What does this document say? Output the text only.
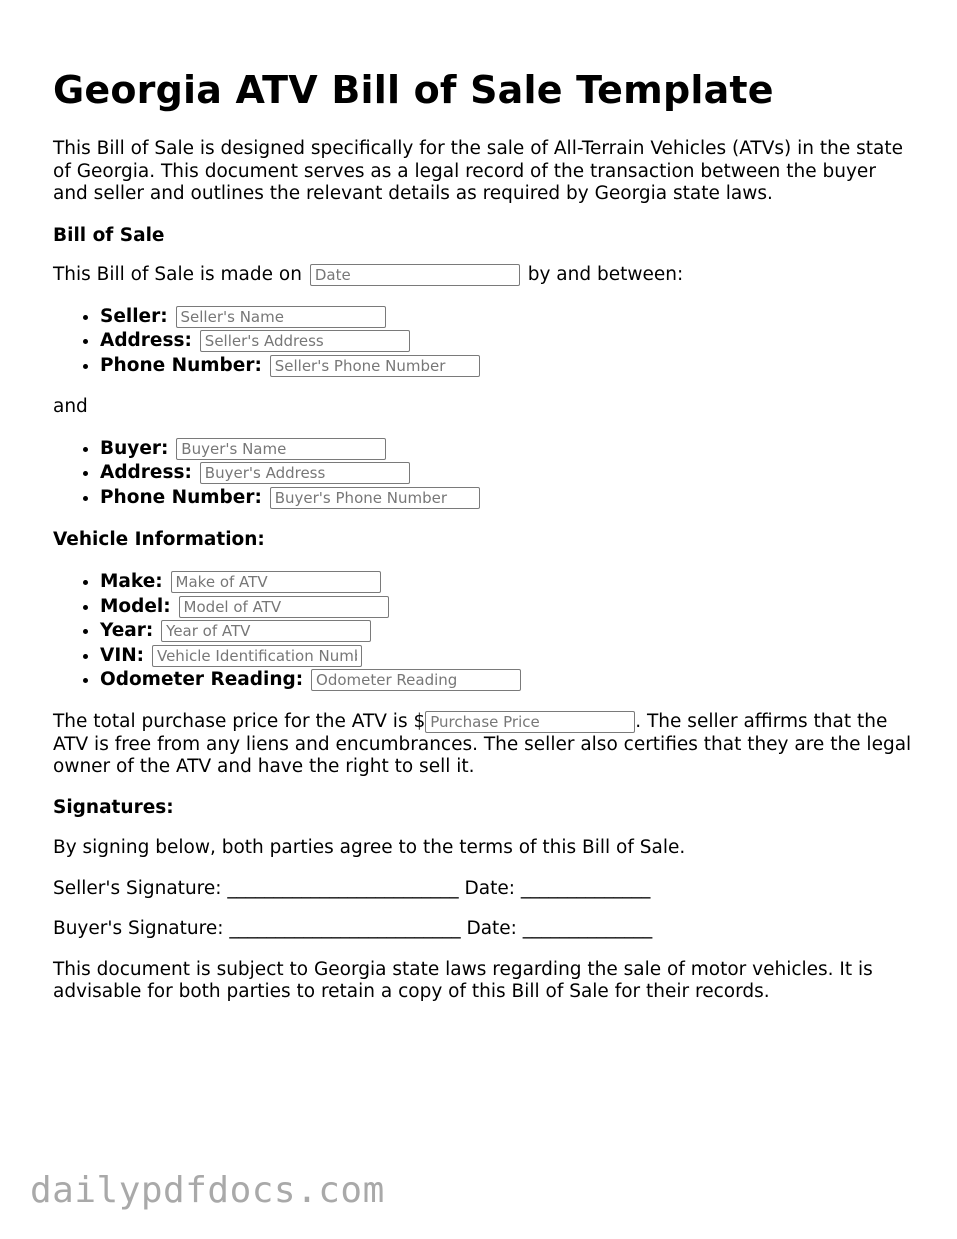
Georgia ATV Bill of Sale Template

This Bill of Sale is designed specifically for the sale of All-Terrain Vehicles (ATVs) in the state of Georgia. This document serves as a legal record of the transaction between the buyer and seller and outlines the relevant details as required by Georgia state laws.

Bill of Sale

This Bill of Sale is made on Date	by and between:

• Seller: Seller's Name
• Address: Seller's Address
• Phone Number: Seller's Phone Number

and

• Buyer: Buyer's Name
• Address: Buyer's Address
• Phone Number: Buyer's Phone Number

Vehicle Information:

• Make: Make of ATV
• Model: Model of ATV
• Year: Year of ATV
• VIN: Vehicle Identification Number
• Odometer Reading: Odometer Reading

The total purchase price for the ATV is $Purchase Price	. The seller affirms that the ATV is free from any liens and encumbrances. The seller also certifies that they are the legal owner of the ATV and have the right to sell it.

Signatures:

By signing below, both parties agree to the terms of this Bill of Sale.

Seller's Signature: _________________________ Date: ______________

Buyer's Signature: _________________________ Date: ______________

This document is subject to Georgia state laws regarding the sale of motor vehicles. It is advisable for both parties to retain a copy of this Bill of Sale for their records.

dailypdfdocs.com
